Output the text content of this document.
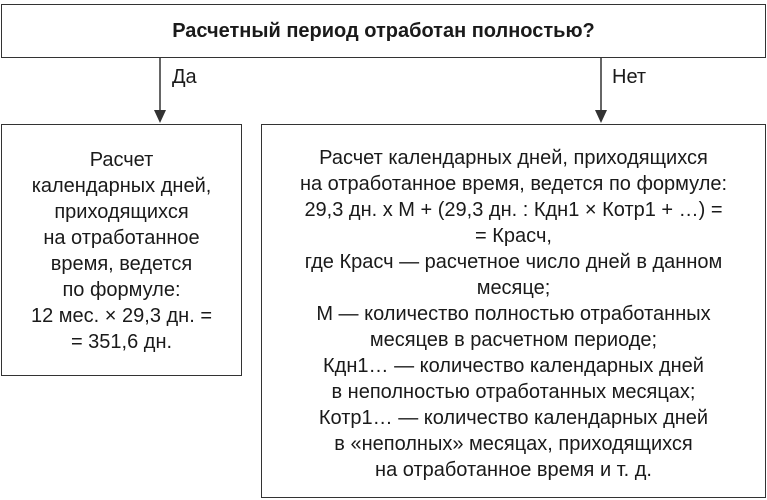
Расчетный период отработан полностью?
Да	Нет
Расчет
календарных дней,
приходящихся
на отработанное
время, ведется
по формуле:
12 мес. × 29,3 дн. =
= 351,6 дн.
Расчет календарных дней, приходящихся
на отработанное время, ведется по формуле:
29,3 дн. х М + (29,3 дн. : Кдн1 × Котр1 + …) =
= Красч,
где Красч — расчетное число дней в данном
месяце;
М — количество полностью отработанных
месяцев в расчетном периоде;
Кдн1… — количество календарных дней
в неполностью отработанных месяцах;
Котр1… — количество календарных дней
в «неполных» месяцах, приходящихся
на отработанное время и т. д.
